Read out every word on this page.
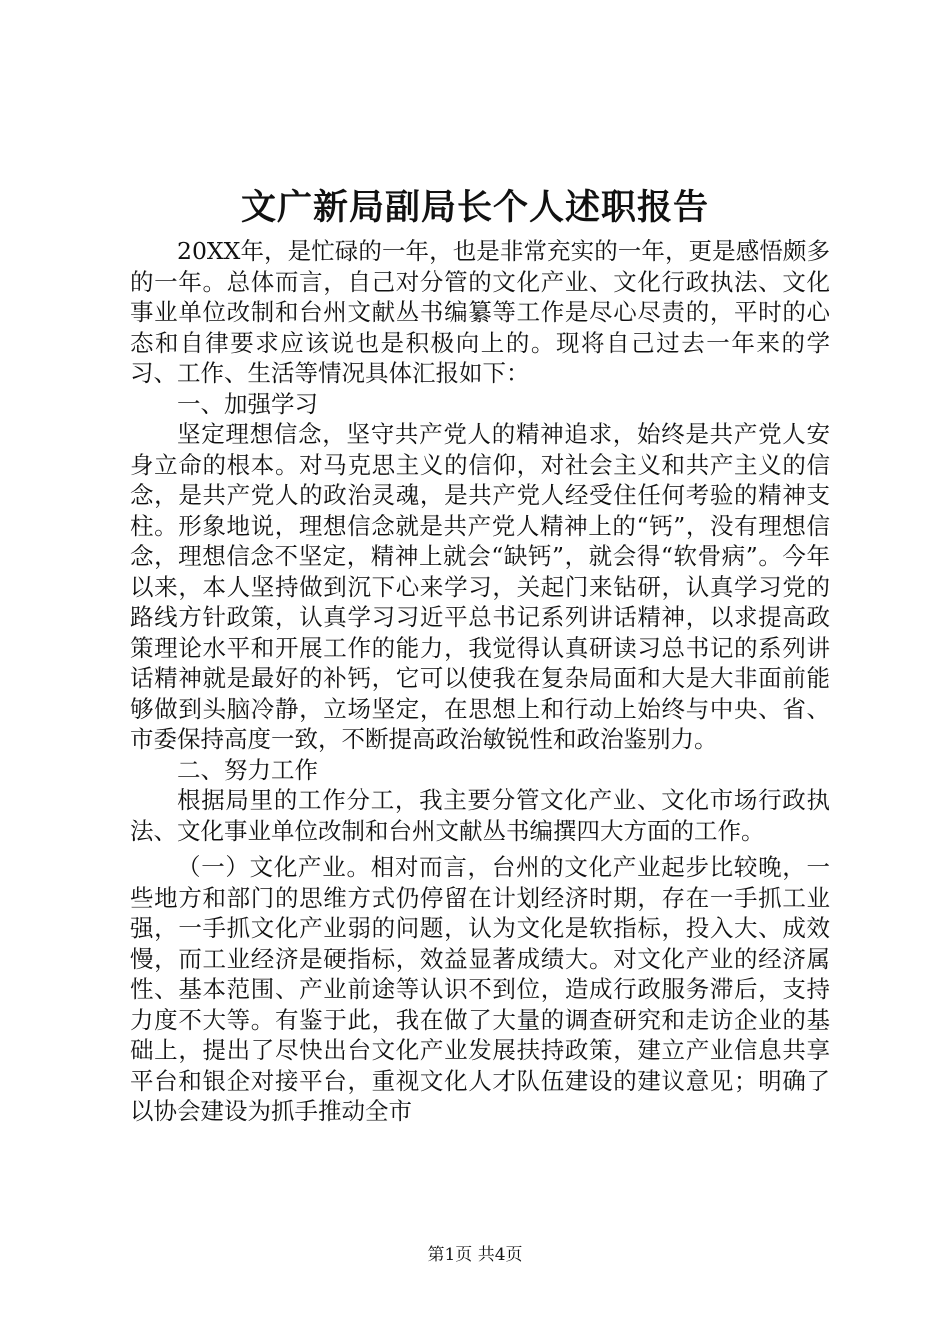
文广新局副局长个人述职报告

20XX年，是忙碌的一年，也是非常充实的一年，更是感悟颇多的一年。总体而言，自己对分管的文化产业、文化行政执法、文化事业单位改制和台州文献丛书编纂等工作是尽心尽责的，平时的心态和自律要求应该说也是积极向上的。现将自己过去一年来的学习、工作、生活等情况具体汇报如下：

一、加强学习

坚定理想信念，坚守共产党人的精神追求，始终是共产党人安身立命的根本。对马克思主义的信仰，对社会主义和共产主义的信念，是共产党人的政治灵魂，是共产党人经受住任何考验的精神支柱。形象地说，理想信念就是共产党人精神上的“钙”，没有理想信念，理想信念不坚定，精神上就会“缺钙”，就会得“软骨病”。今年以来，本人坚持做到沉下心来学习，关起门来钻研，认真学习党的路线方针政策，认真学习习近平总书记系列讲话精神，以求提高政策理论水平和开展工作的能力，我觉得认真研读习总书记的系列讲话精神就是最好的补钙，它可以使我在复杂局面和大是大非面前能够做到头脑冷静，立场坚定，在思想上和行动上始终与中央、省、市委保持高度一致，不断提高政治敏锐性和政治鉴别力。

二、努力工作

根据局里的工作分工，我主要分管文化产业、文化市场行政执法、文化事业单位改制和台州文献丛书编撰四大方面的工作。

（一）文化产业。相对而言，台州的文化产业起步比较晚，一些地方和部门的思维方式仍停留在计划经济时期，存在一手抓工业强，一手抓文化产业弱的问题，认为文化是软指标，投入大、成效慢，而工业经济是硬指标，效益显著成绩大。对文化产业的经济属性、基本范围、产业前途等认识不到位，造成行政服务滞后，支持力度不大等。有鉴于此，我在做了大量的调查研究和走访企业的基础上，提出了尽快出台文化产业发展扶持政策，建立产业信息共享平台和银企对接平台，重视文化人才队伍建设的建议意见；明确了以协会建设为抓手推动全市

第1页 共4页
